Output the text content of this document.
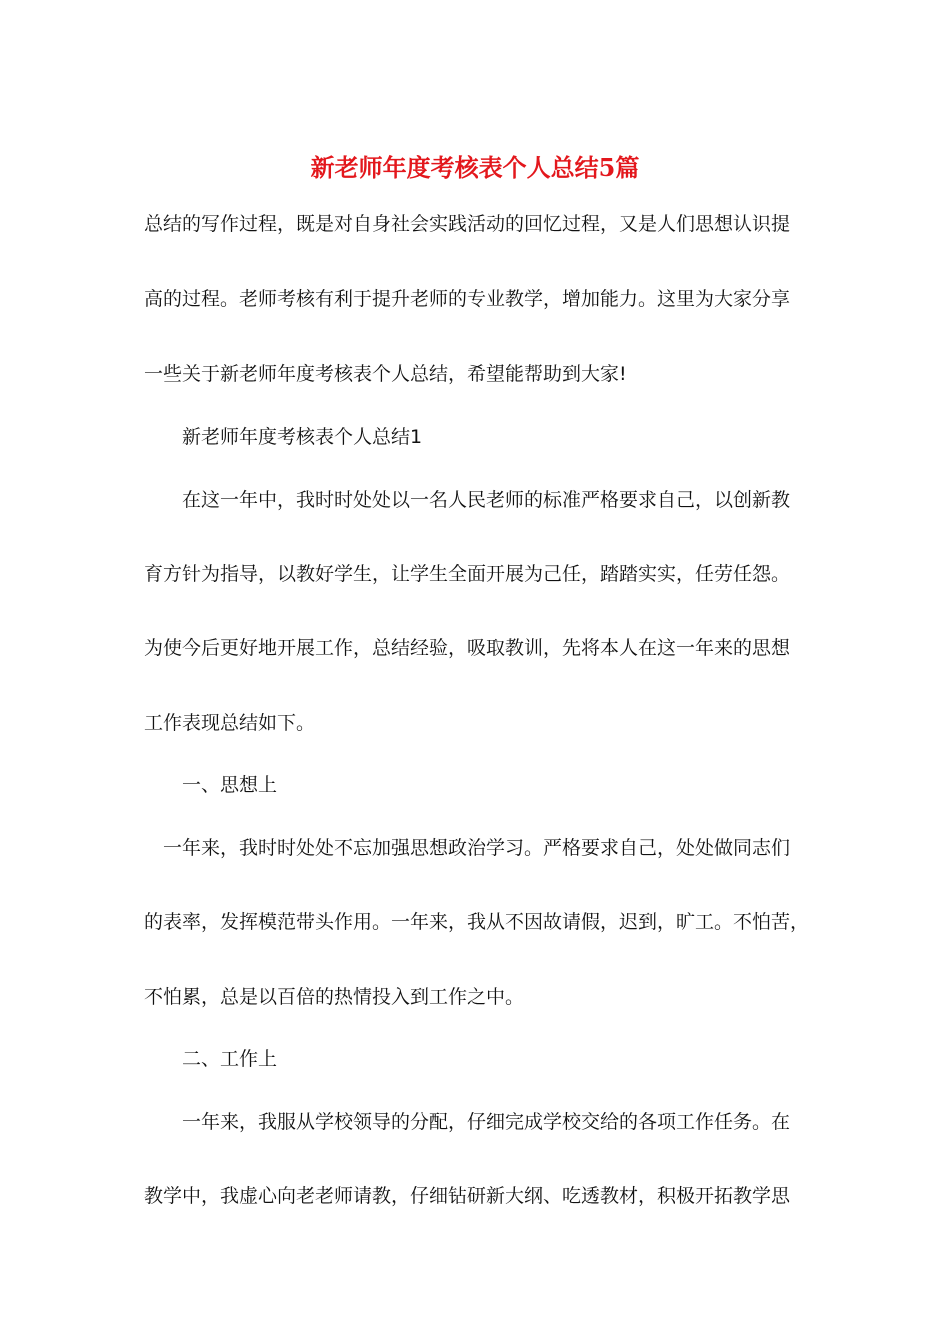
新老师年度考核表个人总结5篇
总结的写作过程，既是对自身社会实践活动的回忆过程，又是人们思想认识提
高的过程。老师考核有利于提升老师的专业教学，增加能力。这里为大家分享
一些关于新老师年度考核表个人总结，希望能帮助到大家!
新老师年度考核表个人总结1
在这一年中，我时时处处以一名人民老师的标准严格要求自己，以创新教
育方针为指导，以教好学生，让学生全面开展为己任，踏踏实实，任劳任怨。
为使今后更好地开展工作，总结经验，吸取教训，先将本人在这一年来的思想
工作表现总结如下。
一、思想上
一年来，我时时处处不忘加强思想政治学习。严格要求自己，处处做同志们
的表率，发挥模范带头作用。一年来，我从不因故请假，迟到，旷工。不怕苦，
不怕累，总是以百倍的热情投入到工作之中。
二、工作上
一年来，我服从学校领导的分配，仔细完成学校交给的各项工作任务。在
教学中，我虚心向老老师请教，仔细钻研新大纲、吃透教材，积极开拓教学思
